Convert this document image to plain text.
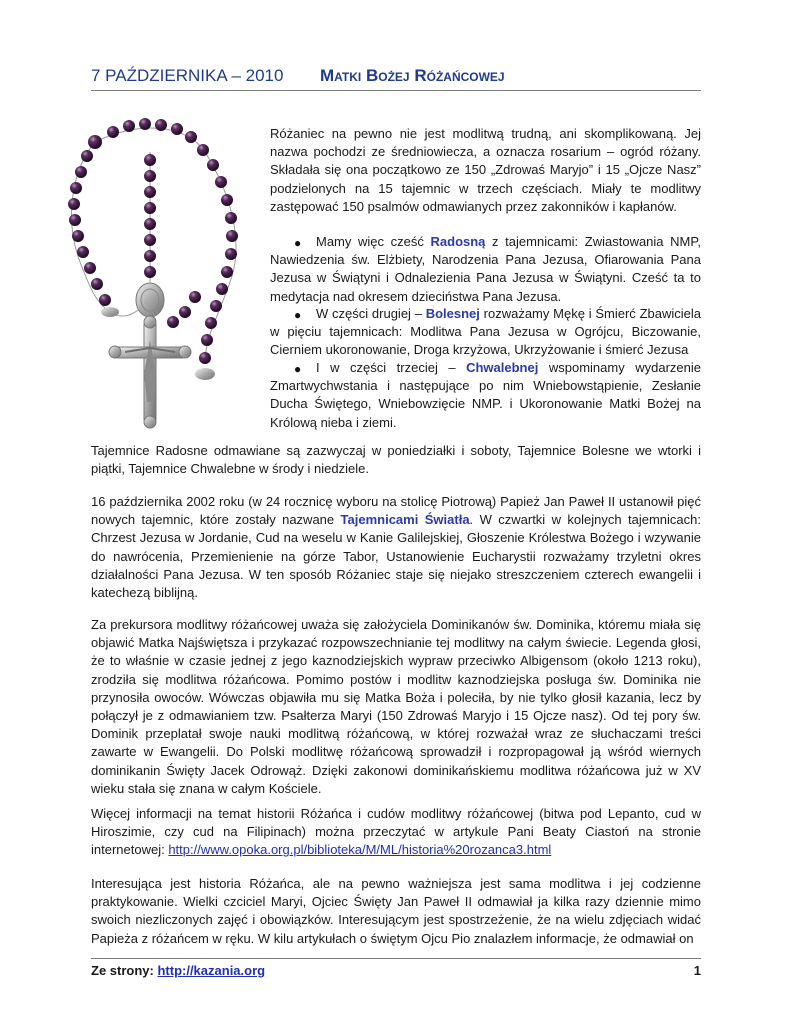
7 PAŹDZIERNIKA – 2010 Matki Bożej Różańcowej

Różaniec na pewno nie jest modlitwą trudną, ani skomplikowaną. Jej nazwa pochodzi ze średniowiecza, a oznacza rosarium – ogród różany. Składała się ona początkowo ze 150 „Zdrowaś Maryjo” i 15 „Ojcze Nasz” podzielonych na 15 tajemnic w trzech częściach. Miały te modlitwy zastępować 150 psalmów odmawianych przez zakonników i kapłanów.

●	Mamy więc cześć Radosną z tajemnicami: Zwiastowania NMP, Nawiedzenia św. Elżbiety, Narodzenia Pana Jezusa, Ofiarowania Pana Jezusa w Świątyni i Odnalezienia Pana Jezusa w Świątyni. Cześć ta to medytacja nad okresem dzieciństwa Pana Jezusa.

●	W części drugiej – Bolesnej rozważamy Mękę i Śmierć Zbawiciela w pięciu tajemnicach: Modlitwa Pana Jezusa w Ogrójcu, Biczowanie, Cierniem ukoronowanie, Droga krzyżowa, Ukrzyżowanie i śmierć Jezusa

●	I w części trzeciej – Chwalebnej wspominamy wydarzenie Zmartwychwstania i następujące po nim Wniebowstąpienie, Zesłanie Ducha Świętego, Wniebowzięcie NMP. i Ukoronowanie Matki Bożej na Królową nieba i ziemi.

Tajemnice Radosne odmawiane są zazwyczaj w poniedziałki i soboty, Tajemnice Bolesne we wtorki i piątki, Tajemnice Chwalebne w środy i niedziele.

16 października 2002 roku (w 24 rocznicę wyboru na stolicę Piotrową) Papież Jan Paweł II ustanowił pięć nowych tajemnic, które zostały nazwane Tajemnicami Światła. W czwartki w kolejnych tajemnicach: Chrzest Jezusa w Jordanie, Cud na weselu w Kanie Galilejskiej, Głoszenie Królestwa Bożego i wzywanie do nawrócenia, Przemienienie na górze Tabor, Ustanowienie Eucharystii rozważamy trzyletni okres działalności Pana Jezusa. W ten sposób Różaniec staje się niejako streszczeniem czterech ewangelii i katechezą biblijną.

Za prekursora modlitwy różańcowej uważa się założyciela Dominikanów św. Dominika, któremu miała się objawić Matka Najświętsza i przykazać rozpowszechnianie tej modlitwy na całym świecie. Legenda głosi, że to właśnie w czasie jednej z jego kaznodziejskich wypraw przeciwko Albigensom (około 1213 roku), zrodziła się modlitwa różańcowa. Pomimo postów i modlitw kaznodziejska posługa św. Dominika nie przynosiła owoców. Wówczas objawiła mu się Matka Boża i poleciła, by nie tylko głosił kazania, lecz by połączył je z odmawianiem tzw. Psałterza Maryi (150 Zdrowaś Maryjo i 15 Ojcze nasz). Od tej pory św. Dominik przeplatał swoje nauki modlitwą różańcową, w której rozważał wraz ze słuchaczami treści zawarte w Ewangelii. Do Polski modlitwę różańcową sprowadził i rozpropagował ją wśród wiernych dominikanin Święty Jacek Odrowąż. Dzięki zakonowi dominikańskiemu modlitwa różańcowa już w XV wieku stała się znana w całym Kościele.

Więcej informacji na temat historii Różańca i cudów modlitwy różańcowej (bitwa pod Lepanto, cud w Hiroszimie, czy cud na Filipinach) można przeczytać w artykule Pani Beaty Ciastoń na stronie internetowej: http://www.opoka.org.pl/biblioteka/M/ML/historia%20rozanca3.html

Interesująca jest historia Różańca, ale na pewno ważniejsza jest sama modlitwa i jej codzienne praktykowanie. Wielki czciciel Maryi, Ojciec Święty Jan Paweł II odmawiał ja kilka razy dziennie mimo swoich niezliczonych zajęć i obowiązków. Interesującym jest spostrzeżenie, że na wielu zdjęciach widać Papieża z różańcem w ręku. W kilu artykułach o świętym Ojcu Pio znalazłem informacje, że odmawiał on

Ze strony: http://kazania.org	1
